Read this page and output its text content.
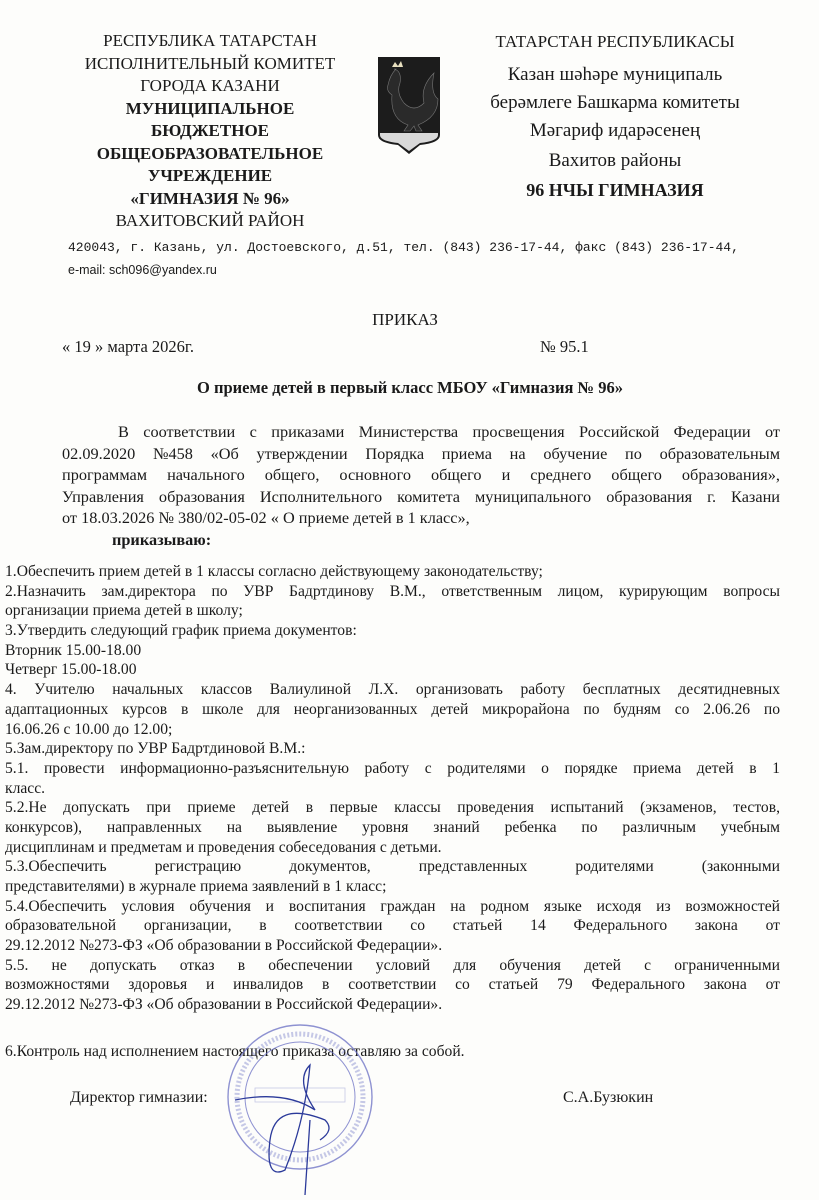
РЕСПУБЛИКА ТАТАРСТАН
ИСПОЛНИТЕЛЬНЫЙ КОМИТЕТ
ГОРОДА КАЗАНИ
МУНИЦИПАЛЬНОЕ
БЮДЖЕТНОЕ
ОБЩЕОБРАЗОВАТЕЛЬНОЕ
УЧРЕЖДЕНИЕ
«ГИМНАЗИЯ № 96»
ВАХИТОВСКИЙ РАЙОН
ТАТАРСТАН РЕСПУБЛИКАСЫ
Казан шәһәре муниципаль
берәмлеге Башкарма комитеты
Мәгариф идарәсенең
Вахитов районы
96 НЧЫ ГИМНАЗИЯ
420043, г. Казань, ул. Достоевского, д.51, тел. (843) 236-17-44, факс (843) 236-17-44,
e-mail: sch096@yandex.ru
ПРИКАЗ
« 19 » марта 2026г.	№ 95.1
О приеме детей в первый класс МБОУ «Гимназия № 96»
В соответствии с приказами Министерства просвещения Российской Федерации от
02.09.2020 №458 «Об утверждении Порядка приема на обучение по образовательным
программам начального общего, основного общего и среднего общего образования»,
Управления образования Исполнительного комитета муниципального образования г. Казани
от 18.03.2026 № 380/02-05-02 « О приеме детей в 1 класс»,
приказываю:
1.Обеспечить прием детей в 1 классы согласно действующему законодательству;
2.Назначить зам.директора по УВР Бадртдинову В.М., ответственным лицом, курирующим вопросы
организации приема детей в школу;
3.Утвердить следующий график приема документов:
Вторник 15.00-18.00
Четверг 15.00-18.00
4. Учителю начальных классов Валиулиной Л.Х. организовать работу бесплатных десятидневных
адаптационных курсов в школе для неорганизованных детей микрорайона по будням со 2.06.26 по
16.06.26 с 10.00 до 12.00;
5.Зам.директору по УВР Бадртдиновой В.М.:
5.1. провести информационно-разъяснительную работу с родителями о порядке приема детей в 1
класс.
5.2.Не допускать при приеме детей в первые классы проведения испытаний (экзаменов, тестов,
конкурсов), направленных на выявление уровня знаний ребенка по различным учебным
дисциплинам и предметам и проведения собеседования с детьми.
5.3.Обеспечить регистрацию документов, представленных родителями (законными
представителями) в журнале приема заявлений в 1 класс;
5.4.Обеспечить условия обучения и воспитания граждан на родном языке исходя из возможностей
образовательной организации, в соответствии со статьей 14 Федерального закона от
29.12.2012 №273-ФЗ «Об образовании в Российской Федерации».
5.5. не допускать отказ в обеспечении условий для обучения детей с ограниченными
возможностями здоровья и инвалидов в соответствии со статьей 79 Федерального закона от
29.12.2012 №273-ФЗ «Об образовании в Российской Федерации».
6.Контроль над исполнением настоящего приказа оставляю за собой.
Директор гимназии:	С.А.Бузюкин
